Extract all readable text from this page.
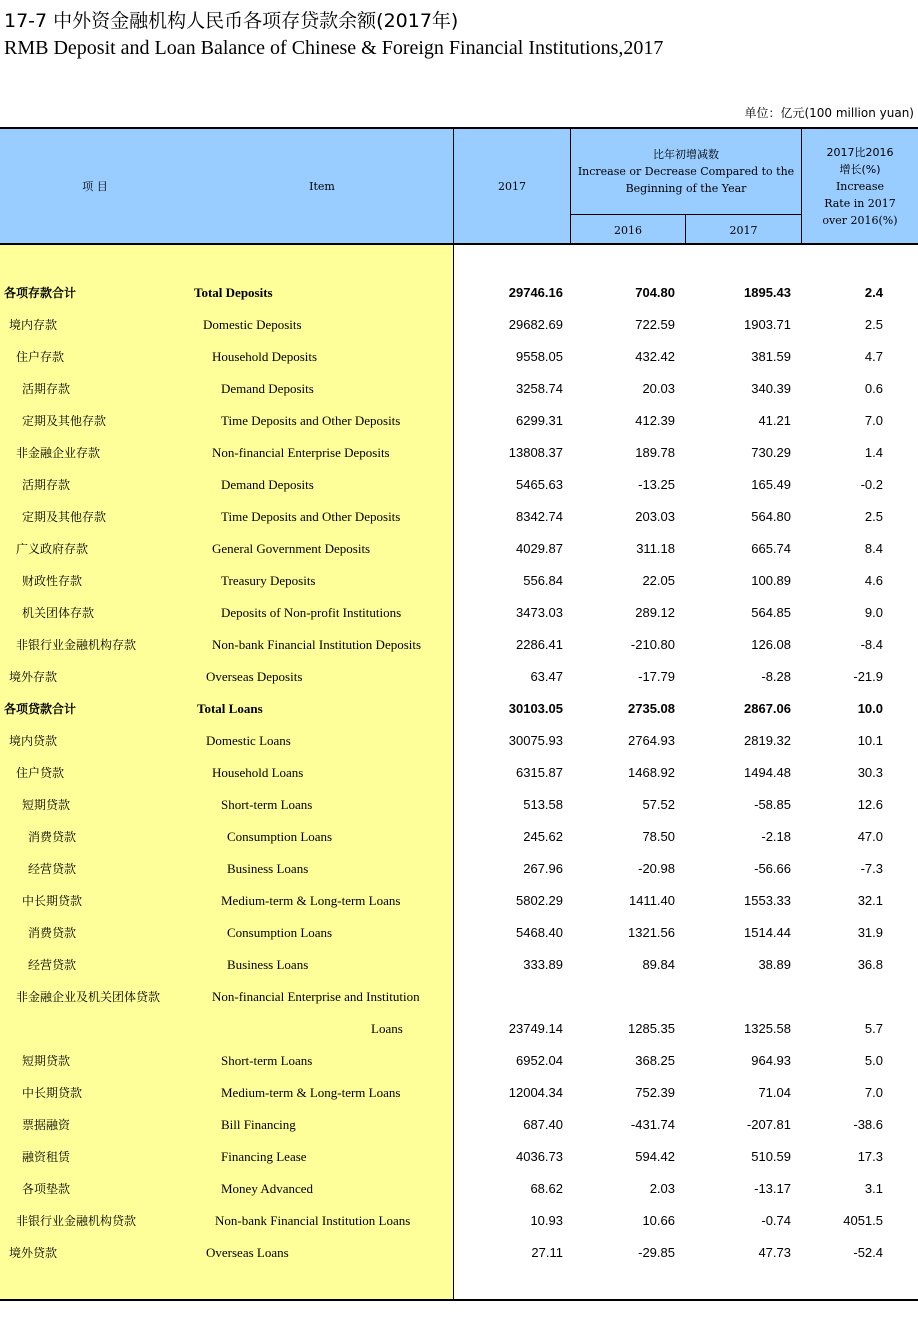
17-7 中外资金融机构人民币各项存贷款余额(2017年)
RMB Deposit and Loan Balance of Chinese & Foreign Financial Institutions,2017
单位：亿元(100 million yuan)
项 目	Item	2017
比年初增减数
Increase or Decrease Compared to the
Beginning of the Year
2016	2017
2017比2016
增长(%)
Increase
Rate in 2017
over 2016(%)
各项存款合计	Total Deposits	29746.16	704.80	1895.43	2.4
境内存款	Domestic Deposits	29682.69	722.59	1903.71	2.5
住户存款	Household Deposits	9558.05	432.42	381.59	4.7
活期存款	Demand Deposits	3258.74	20.03	340.39	0.6
定期及其他存款	Time Deposits and Other Deposits	6299.31	412.39	41.21	7.0
非金融企业存款	Non-financial Enterprise Deposits	13808.37	189.78	730.29	1.4
活期存款	Demand Deposits	5465.63	-13.25	165.49	-0.2
定期及其他存款	Time Deposits and Other Deposits	8342.74	203.03	564.80	2.5
广义政府存款	General Government Deposits	4029.87	311.18	665.74	8.4
财政性存款	Treasury Deposits	556.84	22.05	100.89	4.6
机关团体存款	Deposits of Non-profit Institutions	3473.03	289.12	564.85	9.0
非银行业金融机构存款	Non-bank Financial Institution Deposits	2286.41	-210.80	126.08	-8.4
境外存款	Overseas Deposits	63.47	-17.79	-8.28	-21.9
各项贷款合计	Total Loans	30103.05	2735.08	2867.06	10.0
境内贷款	Domestic Loans	30075.93	2764.93	2819.32	10.1
住户贷款	Household Loans	6315.87	1468.92	1494.48	30.3
短期贷款	Short-term Loans	513.58	57.52	-58.85	12.6
消费贷款	Consumption Loans	245.62	78.50	-2.18	47.0
经营贷款	Business Loans	267.96	-20.98	-56.66	-7.3
中长期贷款	Medium-term & Long-term Loans	5802.29	1411.40	1553.33	32.1
消费贷款	Consumption Loans	5468.40	1321.56	1514.44	31.9
经营贷款	Business Loans	333.89	89.84	38.89	36.8
非金融企业及机关团体贷款	Non-financial Enterprise and Institution
Loans	23749.14	1285.35	1325.58	5.7
短期贷款	Short-term Loans	6952.04	368.25	964.93	5.0
中长期贷款	Medium-term & Long-term Loans	12004.34	752.39	71.04	7.0
票据融资	Bill Financing	687.40	-431.74	-207.81	-38.6
融资租赁	Financing Lease	4036.73	594.42	510.59	17.3
各项垫款	Money Advanced	68.62	2.03	-13.17	3.1
非银行业金融机构贷款	Non-bank Financial Institution Loans	10.93	10.66	-0.74	4051.5
境外贷款	Overseas Loans	27.11	-29.85	47.73	-52.4
